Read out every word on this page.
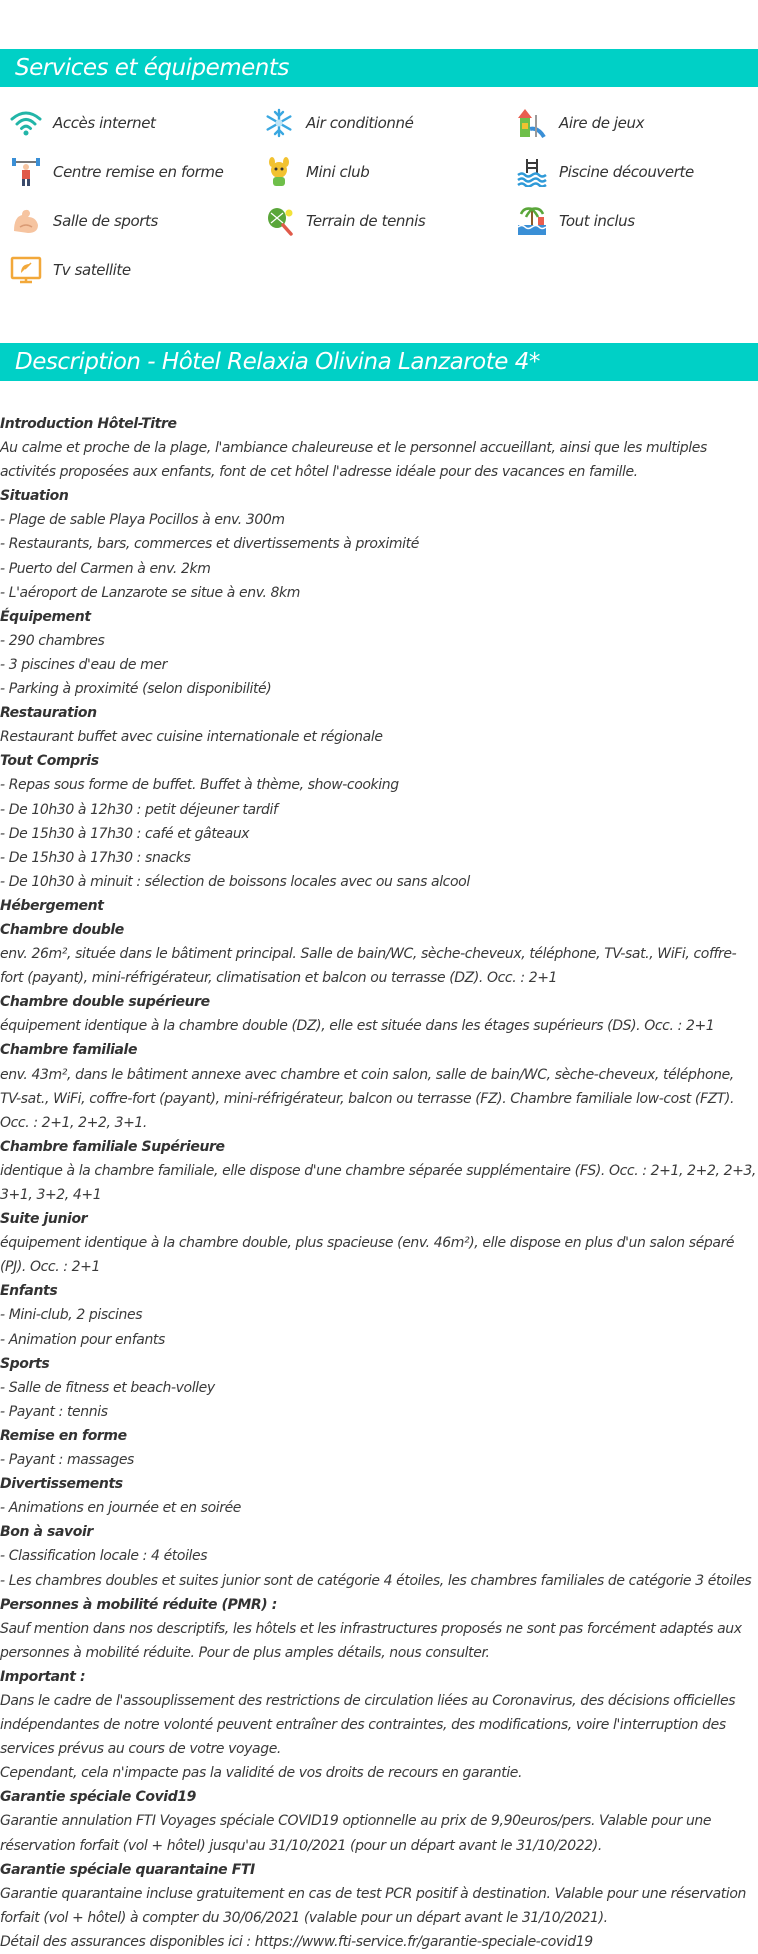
Services et équipements
Accès internet	Air conditionné	Aire de jeux
Centre remise en forme	Mini club	Piscine découverte
Salle de sports	Terrain de tennis	Tout inclus
Tv satellite
Description - Hôtel Relaxia Olivina Lanzarote 4*
Introduction Hôtel-Titre
Au calme et proche de la plage, l'ambiance chaleureuse et le personnel accueillant, ainsi que les multiples activités proposées aux enfants, font de cet hôtel l'adresse idéale pour des vacances en famille.
Situation
- Plage de sable Playa Pocillos à env. 300m
- Restaurants, bars, commerces et divertissements à proximité
- Puerto del Carmen à env. 2km
- L'aéroport de Lanzarote se situe à env. 8km
Équipement
- 290 chambres
- 3 piscines d'eau de mer
- Parking à proximité (selon disponibilité)
Restauration
Restaurant buffet avec cuisine internationale et régionale
Tout Compris
- Repas sous forme de buffet. Buffet à thème, show-cooking
- De 10h30 à 12h30 : petit déjeuner tardif
- De 15h30 à 17h30 : café et gâteaux
- De 15h30 à 17h30 : snacks
- De 10h30 à minuit : sélection de boissons locales avec ou sans alcool
Hébergement
Chambre double
env. 26m², située dans le bâtiment principal. Salle de bain/WC, sèche-cheveux, téléphone, TV-sat., WiFi, coffre-fort (payant), mini-réfrigérateur, climatisation et balcon ou terrasse (DZ). Occ. : 2+1
Chambre double supérieure
équipement identique à la chambre double (DZ), elle est située dans les étages supérieurs (DS). Occ. : 2+1
Chambre familiale
env. 43m², dans le bâtiment annexe avec chambre et coin salon, salle de bain/WC, sèche-cheveux, téléphone, TV-sat., WiFi, coffre-fort (payant), mini-réfrigérateur, balcon ou terrasse (FZ). Chambre familiale low-cost (FZT). Occ. : 2+1, 2+2, 3+1.
Chambre familiale Supérieure
identique à la chambre familiale, elle dispose d'une chambre séparée supplémentaire (FS). Occ. : 2+1, 2+2, 2+3, 3+1, 3+2, 4+1
Suite junior
équipement identique à la chambre double, plus spacieuse (env. 46m²), elle dispose en plus d'un salon séparé (PJ). Occ. : 2+1
Enfants
- Mini-club, 2 piscines
- Animation pour enfants
Sports
- Salle de fitness et beach-volley
- Payant : tennis
Remise en forme
- Payant : massages
Divertissements
- Animations en journée et en soirée
Bon à savoir
- Classification locale : 4 étoiles
- Les chambres doubles et suites junior sont de catégorie 4 étoiles, les chambres familiales de catégorie 3 étoiles
Personnes à mobilité réduite (PMR) :
Sauf mention dans nos descriptifs, les hôtels et les infrastructures proposés ne sont pas forcément adaptés aux personnes à mobilité réduite. Pour de plus amples détails, nous consulter.
Important :
Dans le cadre de l'assouplissement des restrictions de circulation liées au Coronavirus, des décisions officielles indépendantes de notre volonté peuvent entraîner des contraintes, des modifications, voire l'interruption des services prévus au cours de votre voyage.
Cependant, cela n'impacte pas la validité de vos droits de recours en garantie.
Garantie spéciale Covid19
Garantie annulation FTI Voyages spéciale COVID19 optionnelle au prix de 9,90euros/pers. Valable pour une réservation forfait (vol + hôtel) jusqu'au 31/10/2021 (pour un départ avant le 31/10/2022).
Garantie spéciale quarantaine FTI
Garantie quarantaine incluse gratuitement en cas de test PCR positif à destination. Valable pour une réservation forfait (vol + hôtel) à compter du 30/06/2021 (valable pour un départ avant le 31/10/2021).
Détail des assurances disponibles ici : https://www.fti-service.fr/garantie-speciale-covid19
